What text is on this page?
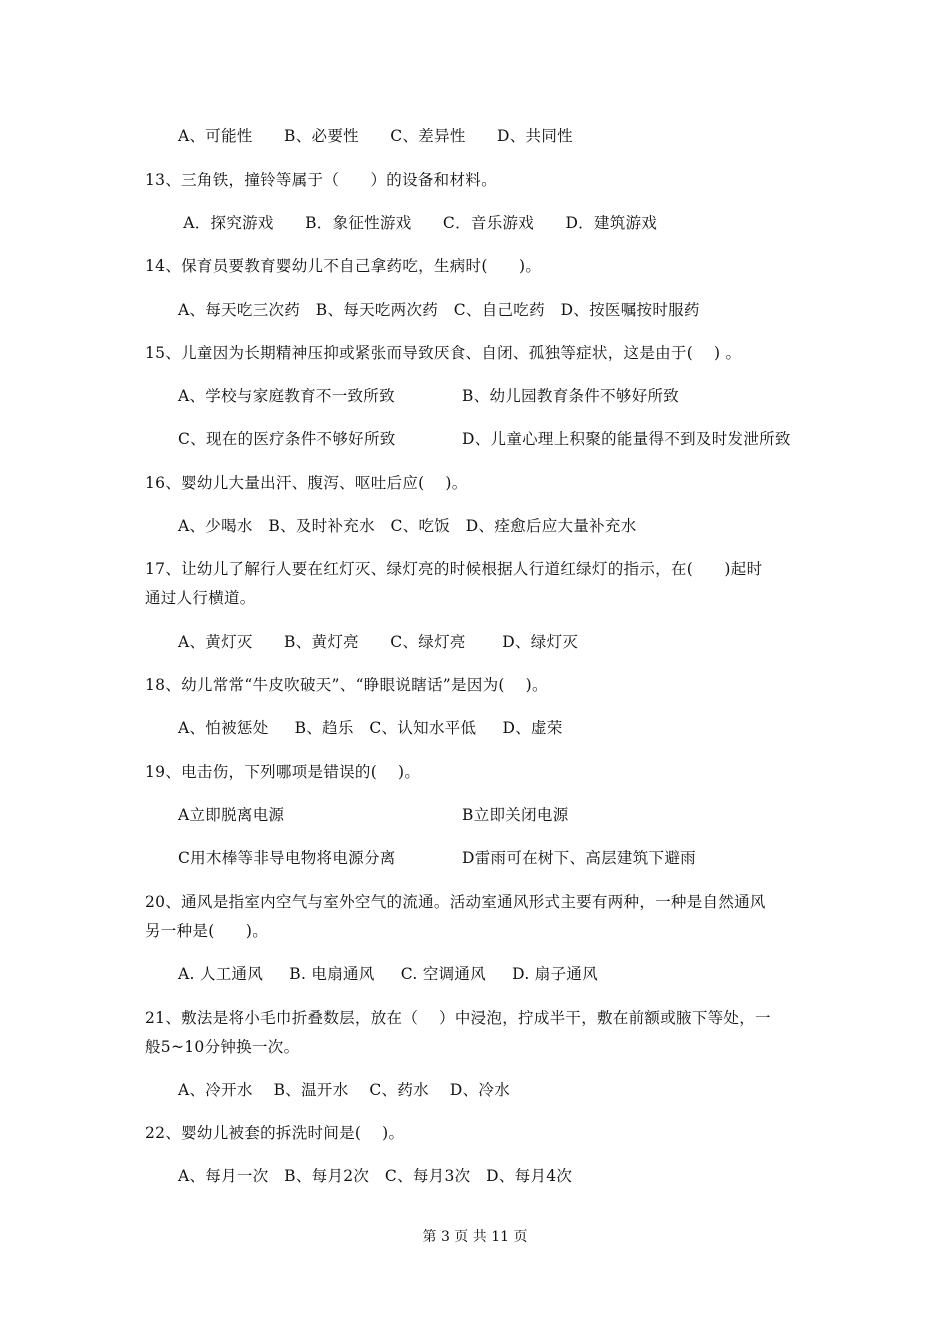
A、可能性      B、必要性      C、差异性      D、共同性
13、三角铁，撞铃等属于（      ）的设备和材料。
A．探究游戏      B．象征性游戏      C．音乐游戏      D．建筑游戏
14、保育员要教育婴幼儿不自己拿药吃，生病时(      )。
A、每天吃三次药   B、每天吃两次药   C、自己吃药   D、按医嘱按时服药
15、儿童因为长期精神压抑或紧张而导致厌食、自闭、孤独等症状，这是由于(    ) 。
A、学校与家庭教育不一致所致	B、幼儿园教育条件不够好所致
C、现在的医疗条件不够好所致	D、儿童心理上积聚的能量得不到及时发泄所致
16、婴幼儿大量出汗、腹泻、呕吐后应(    )。
A、少喝水   B、及时补充水   C、吃饭   D、痊愈后应大量补充水
17、让幼儿了解行人要在红灯灭、绿灯亮的时候根据人行道红绿灯的指示，在(      )起时
通过人行横道。
A、黄灯灭      B、黄灯亮      C、绿灯亮       D、绿灯灭
18、幼儿常常“牛皮吹破天”、“睁眼说瞎话”是因为(    )。
A、怕被惩处     B、趋乐   C、认知水平低     D、虚荣
19、电击伤，下列哪项是错误的(    )。
A立即脱离电源	B立即关闭电源
C用木棒等非导电物将电源分离	D雷雨可在树下、高层建筑下避雨
20、通风是指室内空气与室外空气的流通。活动室通风形式主要有两种，一种是自然通风
另一种是(      )。
A. 人工通风     B. 电扇通风     C. 空调通风     D. 扇子通风
21、敷法是将小毛巾折叠数层，放在（    ）中浸泡，拧成半干，敷在前额或腋下等处，一
般5~10分钟换一次。
A、冷开水    B、温开水    C、药水    D、冷水
22、婴幼儿被套的拆洗时间是(    )。
A、每月一次   B、每月2次   C、每月3次   D、每月4次
第 3 页 共 11 页
